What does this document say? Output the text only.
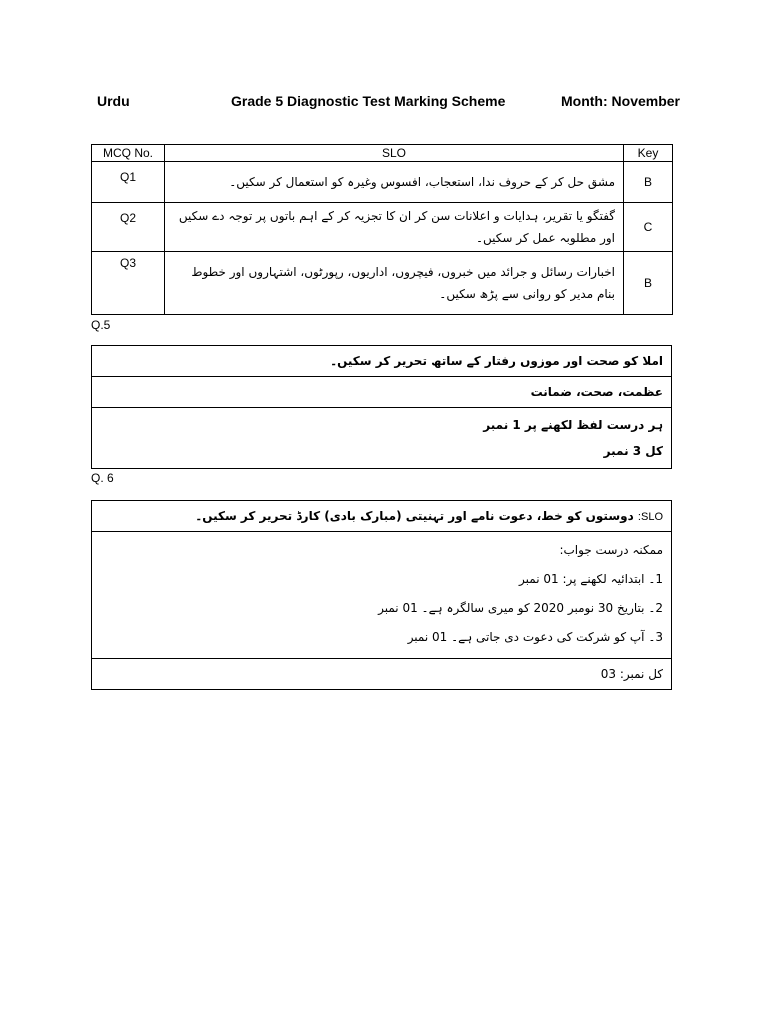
Urdu	Grade 5 Diagnostic Test Marking Scheme	Month: November
MCQ No.	SLO	Key
Q1	مشق حل کر کے حروف ندا، استعجاب، افسوس وغیرہ کو استعمال کر سکیں۔	B
Q2	گفتگو یا تقریر، ہدایات و اعلانات سن کر ان کا تجزیہ کر کے اہم باتوں پر توجہ دے سکیں اور مطلوبہ عمل کر سکیں۔	C
Q3	اخبارات رسائل و جرائد میں خبروں، فیچروں، اداریوں، رپورٹوں، اشتہاروں اور خطوط بنام مدیر کو روانی سے پڑھ سکیں۔	B
Q.5
املا کو صحت اور موزوں رفتار کے ساتھ تحریر کر سکیں۔
عظمت، صحت، ضمانت

ہر درست لفظ لکھنے پر 1 نمبر
کل 3 نمبر
Q. 6
SLO: دوستوں کو خط، دعوت نامے اور تہنیتی (مبارک بادی) کارڈ تحریر کر سکیں۔

ممکنہ درست جواب:
1۔ ابتدائیہ لکھنے پر: 01 نمبر
2۔ بتاریخ 30 نومبر 2020 کو میری سالگرہ ہے۔ 01 نمبر
3۔ آپ کو شرکت کی دعوت دی جاتی ہے۔ 01 نمبر

کل نمبر: 03
